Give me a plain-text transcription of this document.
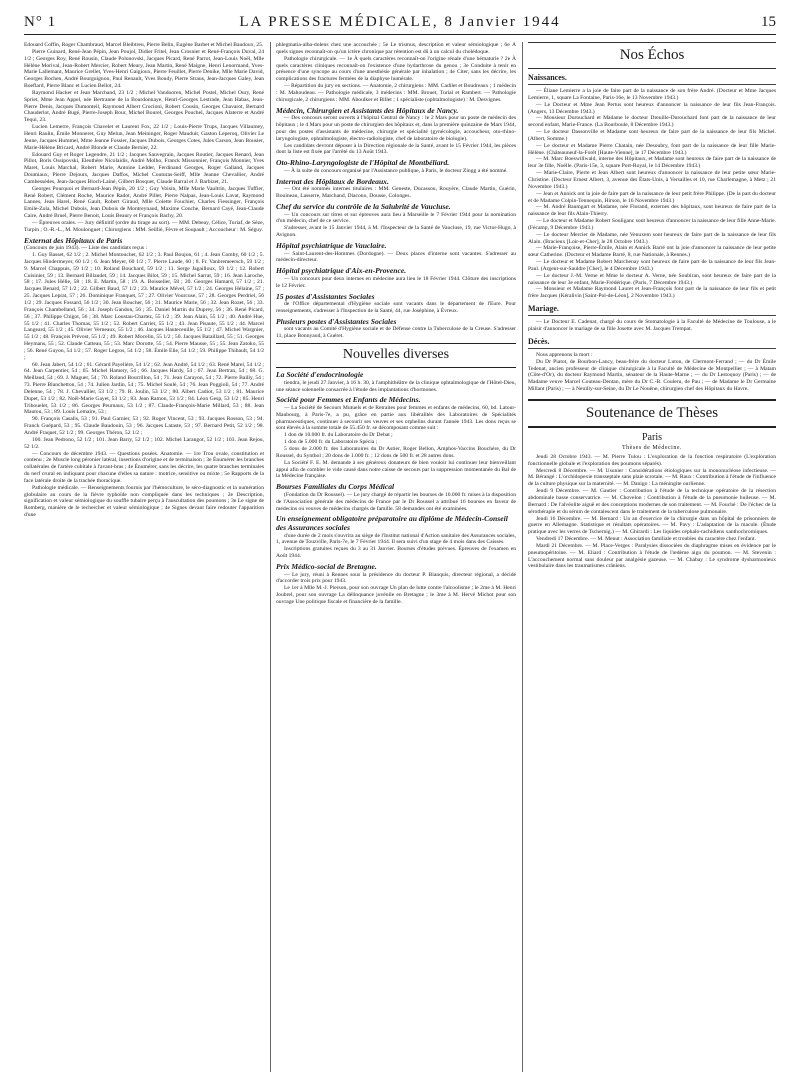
N° 1	LA PRESSE MÉDICALE, 8 Janvier 1944	15

Edouard Coffin, Roger Chambraud, Marcel Bleibtreu, Pierre Belin, Eugène Barbet et Michel Baudoux, 25.

Pierre Guinard, René-Jean Pépin, Jean Poujol, Didier Fritel, Jean Crosnier et René-François Duval, 24 1/2 ; Georges Roy, René Rousin, Claude Polonovski, Jacques Picard, René Parrot, Jean-Louis Noël, Mlle Hélène Morival, Jean-Robert Mercier, Robert Meary, Jean Martin, René Maigne, Henri Lenormand, Yves-Marie Lallemant, Maurice Grellet, Yves-Henri Gaigioux, Pierre Feuillet, Pierre Denike, Mlle Marie David, Georges Bochen, André Bourguignon, Paul Renault, Yves Boudy, Pierre Straus, Jean-Jacques Galey, Jean Boeflard, Pierre Blanc et Lucien Bellot, 24.

Raymond Hacker et Jean Marchand, 23 1/2 ; Michel Vandooren, Michel Postel, Michel Oury, René Spriet, Mme Jean Appel, née Bertranne de la Bourdonnaye, Henri-Georges Lestrade, Jean Habas, Jean-Pierre Denis, Jacques Dumonteil, Raymond Albert Crocioni, Robert Cousin, Georges Chavarot, Bernard Chauderlot, André Bugé, Pierre-Joseph Bour, Michel Bourel, Georges Pouchel, Jacques Alaterre et André Tequi, 23.

Lucien Lemerre, François Chavelet et Laurent Fox, 22 1/2 ; Louis-Pierre Trups, Jacques Villaumey, Henri Raulin, Émile Monneret, Guy Melun, Jean Meininger, Roger Mauduit, Gaston Leperoq, Olivier Le Jeune, Jacques Hummel, Mme Jeanne Fossier, Jacques Dubois, Georges Cotes, Jules Carson, Jean Bousier, Marie-Hélène Bricard, André Blonde et Claude Bernier, 22.

Edouard Guy et Roger Legendre, 21 1/2 ; Jacques Sauvegrain, Jacques Routier, Jacques Renard, Jean Pillot, Boris Ossipovski, Eleuthère Nicolaidis, André Molho, Franck Missonnier, François Monnier, Yves Maret, Louis Marchal, Robert Marie, Antoine Ledder, Ferdinand Georges, Roger Galland, Jacques Doumiaux, Pierre Dejours, Jacques Daffos, Michel Couturas-Seiff, Mlle Jeanne Chevallier, André Cambessèdes, Jean-Jacques Bloch-Lainé, Gilbert Bosquet, Claude Barral et J. Barbizet, 21.

Georges Pourquoi et Bernard-Jean Pépin, 20 1/2 ; Guy Voisin, Mlle Marie Vaultrin, Jacques Tuffier, René Robert, Clément Roche, Maurice Radot, André Pillet, Pierre Nalpas, Jean-Louis Lavat, Raymond Lannes, Jean Harel, René Gault, Robert Giraud, Mlle Colette Fouchier, Charles Fiessinger, François Emile-Zola, Michel Dubois, Jean Dubois de Montreynaud, Maxime Conche, Bernard Cayé, Jean-Claude Caire, André Bruel, Pierre Benoit, Louis Beaury et François Bachy, 20.

— Épreuves orales. — Jury définitif (ordre du tirage au sort). — MM. Debeay, Célice, Turiaf, de Sèze, Turpin ; O.-R.-L., M. Moulonguet ; Chirurgiens : MM. Seillié, Fèvre et Soupault ; Accoucheur : M. Séguy.

Externat des Hôpitaux de Paris

(Concours de juin 1943). — Liste des candidats reçus :

1. Guy Basset, 62 1/2 ; 2. Michel Montouchet, 62 1/2 ; 3. Paul Boujon, 61 ; 4. Jean Comby, 60 1/2 ; 5. Jacques Hindermeyer, 60 1/2 ; 6. Jean Meyer, 60 1/2 ; 7. Pierre Laude, 60 ; 8. Fr. Vanbremeersch, 59 1/2 ; 9. Marcel Chappuis, 59 1/2 ; 10. Roland Bouchard, 59 1/2 ; 11. Serge Jagailloux, 59 1/2 ; 12. Robert Cuisinier, 59 ; 13. Bernard Billaudet, 59 ; 14. Jacques Bilot, 59 ; 15. Michel Sarrat, 59 ; 16. Jean Laroche, 58 ; 17. Jules Hélie, 58 ; 18. E. Martin, 58 ; 19. A. Boisselier, 58 ; 20. Georges Hamard, 57 1/2 ; 21. Jacques Benard, 57 1/2 ; 22. Gilbert Baud, 57 1/2 ; 23. Maurice Mével, 57 1/2 ; 24. Georges Hélaine, 57 ; 25. Jacques Leprat, 57 ; 26. Dominique Franquet, 57 ; 27. Olivier Vourcuse, 57 ; 28. Georges Perdriel, 56 1/2 ; 29. Jacques Fossard, 56 1/2 ; 30. Jean Boucher, 56 ; 31. Maurice Marie, 56 ; 32. Jean Rozet, 56 ; 33. François Chambelland, 56 ; 34. Joseph Gandon, 56 ; 35. Daniel Martin du Duprey, 56 ; 36. René Picard, 56 ; 37. Philippe Chigot, 56 ; 38. Marc Loustau-Chartez, 55 1/2 ; 39. Jean Alain, 55 1/2 ; 40. André Hue, 55 1/2 ; 41. Charles Thomas, 55 1/2 ; 52. Robert Carrier, 55 1/2 ; 43. Jean Pisaute, 55 1/2 ; 44. Marcel Langeard, 55 1/2 ; 45. Olivier Verneaux, 55 1/2 ; 46. Jacques Hauteceuille, 55 1/2 ; 47. Michel Wargnier, 55 1/2 ; 48. François Prévost, 55 1/2 ; 49. Robert Mocelin, 55 1/2 ; 50. Jacques Bataillard, 55 ; 51. Georges Heymans, 55 ; 52. Claude Catteau, 55 ; 53. Marc Dorotte, 55 ; 54. Pierre Mausse, 55 ; 55. Jean Zatoko, 55 ; 56. René Guyon, 54 1/2 ; 57. Roger Legros, 54 1/2 ; 58. Émile Elie, 54 1/2 ; 59. Philippe Thibault, 54 1/2 ;

60. Jean Jabert, 54 1/2 ; 61. Gérard Payelière, 54 1/2 ; 62. Jean André, 54 1/2 ; 63. René Marel, 54 1/2 ; 64. Jean Carpentier, 54 ; 65. Michel Hamery, 54 ; 66. Jacques Hardy, 54 ; 67. Jean Bertran, 54 ; 68. G. Meillaud, 54 ; 69. J. Maguer, 54 ; 70. Roland Bourrillon, 54 ; 71. Jean Carayon, 54 ; 72. Pierre Bailly, 54 ; 73. Pierre Blanchetton, 54 ; 74. Julien Jardin, 54 ; 75. Michel Soulé, 54 ; 76. Jean Poggioli, 54 ; 77. André Delenne, 54 ; 78. J. Chevallier, 53 1/2 ; 79. R. Joulin, 53 1/2 ; 80. Albert Cadiot, 53 1/2 ; 81. Maurice Dupet, 53 1/2 ; 82. Noël-Marie Gayet, 53 1/2 ; 83. Jean Ramon, 53 1/2 ; 84. Léon Gesp, 53 1/2 ; 85. Henri Tribouelet, 53 1/2 ; 86. Georges Peurnaux, 53 1/2 ; 87. Claude-François-Marie Millard, 53 ; 88. Jean Mautou, 53 ; 89. Louis Lemaire, 53 ;

90. François Casalis, 53 ; 91. Paul Garnier, 53 ; 92. Roger Vincent, 53 ; 93. Jacques Rosson, 53 ; 94. Franck Guépard, 53 ; 95. Claude Baudouin, 53 ; 96. Jacques Lataste, 53 ; 97. Bernard Petit, 52 1/2 ; 98. André Fraquet, 52 1/2 ; 99. Georges Théron, 52 1/2 ;

100. Jean Pedrono, 52 1/2 ; 101. Jean Barry, 52 1/2 ; 102. Michel Larangot, 52 1/2 ; 103. Jean Rejou, 52 1/2.

— Concours de décembre 1943. — Questions posées. Anatomie. — 1re Trou ovale, constitution et contenu ; 2e Muscle long péronier latéral, insertions d'origine et de terminaison ; 3e Énumérer les branches collatérales de l'artère cubitale à l'avant-bras ; 4e Énumérer, sans les décrire, les quatre branches terminales du nerf crural en indiquant pour chacune d'elles sa nature : motrice, sensitive ou mixte ; 5e Rapports de la face latérale droite de la trachée thoracique.

Pathologie médicale. — Renseignements fournis par l'hémoculture, le séro-diagnostic et la numération globulaire au cours de la fièvre typhoïde non compliquée dans les techniques ; 2e Description, signification et valeur sémiologique du souffle tubaire perçu à l'auscultation des poumons ; 3e Le signe de Romberg, manière de le rechercher et valeur sémiologique ; 4e Signes devant faire redouter l'apparition d'une

phlegmatia-alba-dolens chez une accouchée ; 5e Le trismus, description et valeur sémiologique ; 6e À quels signes reconnaît-on qu'un ictère chronique par rétention est dû à un calcul du cholédoque.

Pathologie chirurgicale. — 1e À quels caractères reconnaît-on l'origine rénale d'une hématurie ? 2e À quels caractères cliniques reconnaît-on l'existence d'une hydarthrose du genou ; 3e Conduite à tenir en présence d'une syncope au cours d'une anesthésie générale par inhalation ; 4e Citer, sans les décrire, les complications des fractures fermées de la diaphyse humérale.

— Répartition du jury en sections. — Anatomie, 2 chirurgiens : MM. Cadilet et Boudreaux ; 1 médecin : M. Mahoudeau. — Pathologie médicale, 3 médecins : MM. Brouet, Turial et Rambert. — Pathologie chirurgicale, 2 chirurgiens : MM. Aboulker et Billet ; 1 spécialiste (ophtalmologiste) : M. Desvignes.

Médecin, Chirurgien et Assistants des Hôpitaux de Nancy.

— Des concours seront ouverts à l'hôpital Central de Nancy : le 2 Mars pour un poste de médecin des hôpitaux ; le 4 Mars pour un poste de chirurgien des hôpitaux et, dans la première quinzaine de Mars 1944, pour des postes d'assistants de médecine, chirurgie et spécialité (gynécologie, accoucheur, oto-rhino-laryngologiste, ophtalmologiste, électro-radiologiste, chef de laboratoire de biologie).

Les candidats devront déposer à la Direction régionale de la Santé, avant le 15 Février 1944, les pièces dont la liste est fixée par l'arrêté du 13 Août 1943.

Oto-Rhino-Laryngologiste de l'Hôpital de Montbéliard.

— À la suite du concours organisé par l'Assistance publique, à Paris, le docteur Zingg a été nommé.

Internat des Hôpitaux de Bordeaux.

— Ont été nommés internes titulaires : MM. Geneste, Ducassou, Rouyère, Claude Martin, Guérin, Bouineau, Lasserre, Marchand, Diacono, Dousse, Colonges.

Chef du service du contrôle de la Salubrité de Vaucluse.

— Un concours sur titres et sur épreuves aura lieu à Marseille le 7 Février 1944 pour la nomination d'un médecin, chef de ce service.

S'adresser, avant le 15 Janvier 1944, à M. l'Inspecteur de la Santé de Vaucluse, 19, rue Victor-Hugo, à Avignon.

Hôpital psychiatrique de Vauclaire.

— Saint-Laurent-des-Hommes (Dordogne). — Deux places d'interne sont vacantes. S'adresser au médecin-directeur.

Hôpital psychiatrique d'Aix-en-Provence.

— Un concours pour deux internes en médecine aura lieu le 18 Février 1944. Clôture des inscriptions le 12 Février.

15 postes d'Assistantes Sociales

de l'Office départemental d'Hygiène sociale sont vacants dans le département de l'Eure. Pour renseignements, s'adresser à l'Inspection de la Santé, 44, rue Joséphine, à Évreux.

Plusieurs postes d'Assistantes Sociales

sont vacants au Comité d'Hygiène sociale et de Défense contre la Tuberculose de la Creuse. S'adresser 11, place Bonnyaud, à Guéret.

Nouvelles diverses

La Société d'endocrinologie

tiendra, le jeudi 27 Janvier, à 16 h. 30, à l'amphithéâtre de la clinique ophtalmologique de l'Hôtel-Dieu, une séance solennelle consacrée à l'étude des implantations d'hormones.

Société pour Femmes et Enfants de Médecins.

— La Société de Secours Mutuels et de Retraites pour femmes et enfants de médecins, 60, bd. Latour-Maubourg, à Paris-7e, a pu, grâce en partie aux libéralités des Laboratoires de Spécialités pharmaceutiques, continuer à secourir ses veuves et ses orphelins durant l'année 1943. Les dons reçus se sont élevés à la somme totale de 55.450 fr. se décomposant comme suit :

1 don de 10.000 fr. du Laboratoire du Dr Debat ;

1 don de 5.000 fr. du Laboratoire Spécia ;

5 dons de 2.000 fr. des Laboratoires du Dr Astier, Roger Bellon, Amphos-Vaccins Bouchère, du Dr Roussel, du Synthol ; 20 dons de 1.000 fr. ; 12 dons de 500 fr. et 28 autres dons.

La Société F. E. M. demande à ses généreux donateurs de bien vouloir lui continuer leur bienveillant appui afin de combler le vide causé dans notre caisse de secours par la suppression momentanée du Bal de la Médecine française.

Bourses Familiales du Corps Médical

(Fondation du Dr Roussel). — Le jury chargé de répartir les bourses de 10.000 fr. mises à la disposition de l'Association générale des médecins de France par le Dr Roussel a attribué 16 bourses en faveur de médecins ou veuves de médecins chargés de famille. 58 demandes ont été examinées.

Un enseignement obligatoire préparatoire au diplôme de Médecin-Conseil des Assurances sociales

d'une durée de 2 mois s'ouvrira au siège de l'Institut national d'Action sanitaire des Assurances sociales, 1, avenue de Touzville, Paris-7e, le 7 Février 1944. Il sera suivi d'un stage de 4 mois dans des Caisses.

Inscriptions gratuites reçues du 3 au 31 Janvier. Bourses d'études prévues. Épreuves de l'examen en Août 1944.

Prix Médico-social de Bretagne.

— Le jury, réuni à Rennes sous la présidence du docteur P. Bianquis, directeur régional, a décidé d'accorder trois prix pour 1943.

Le 1er à Mlle M.-J. Pierson, pour son ouvrage Un plan de lutte contre l'alcoolisme ; le 2me à M. Henri Joubrel, pour son ouvrage La délinquance juvénile en Bretagne ; le 3me à M. Hervé Michot pour son ouvrage Une politique fiscale et financière de la famille.

Nos Échos

Naissances.

— Éliane Lemierre a la joie de faire part de la naissance de son frère André. (Docteur et Mme Jacques Lemierre, 1, square La Fontaine, Paris-16e, le 13 Novembre 1943.)

— Le Docteur et Mme Jean Pertus sont heureux d'annoncer la naissance de leur fils Jean-François. (Angers, 13 Décembre 1943.)

— Monsieur Durouchard et Madame le docteur Dreuille-Durouchard font part de la naissance de leur second enfant, Marie-France. (La Bourboule, 8 Décembre 1943.)

— Le docteur Dassonville et Madame sont heureux de faire part de la naissance de leur fils Michel. (Albert, Somme.)

— Le docteur et Madame Pierre Chatain, née Desoubry, font part de la naissance de leur fille Marie-Hélène. (Châteauneuf-la-Forêt [Haute-Vienne], le 17 Décembre 1943.)

— M. Marc Boeswillwald, interne des Hôpitaux, et Madame sont heureux de faire part de la naissance de leur 3e fille, Noëlle. (Paris-15e, 3, square Port-Royal, le 14 Décembre 1943.)

— Marie-Claire, Pierre et Jean Albert sont heureux d'annoncer la naissance de leur petite sœur Marie-Christine. (Docteur Ernest Albert, 3, avenue des États-Unis, à Versailles et 10, rue Charlemagne, à Metz ; 21 Novembre 1943.)

— Jean et Annick ont la joie de faire part de la naissance de leur petit frère Philippe. (De la part du docteur et de Madame Colpin-Tennequin, Hirson, le 16 Novembre 1943.)

— M. André Baumgart et Madame, née Florand, externes des hôpitaux, sont heureux de faire part de la naissance de leur fils Alain-Thierry.

— Le docteur et Madame Robert Souliganc sont heureux d'annoncer la naissance de leur fille Anne-Marie. (Fécamp, 9 Décembre 1943.)

— Le docteur Mercier de Madame, née Venuxem sont heureux de faire part de la naissance de leur fils Alain. (Bracieux [Loir-et-Cher], le 28 Octobre 1943.)

— Marie-Françoise, Pierre-Émile, Alain et Annick Barré ont la joie d'annoncer la naissance de leur petite sœur Catherine. (Docteur et Madame Barré, 8, rue Nationale, à Rennes.)

— Le docteur et Madame Robert Marchenay sont heureux de faire part de la naissance de leur fils Jean-Paul. (Argent-sur-Sauldre [Cher], le 4 Décembre 1943.)

— Le docteur J.-M. Verne et Mme le docteur A. Verne, née Soubiran, sont heureux de faire part de la naissance de leur 3e enfant, Marie-Frédérique. (Paris, 7 Décembre 1943.)

— Monsieur et Madame Raymond Lauret et Jean-François font part de la naissance de leur fils et petit frère Jacques (Kéralivin [Saint-Pol-de-Léon], 2 Novembre 1943.)

Mariage.

— Le Docteur E. Cadenat, chargé du cours de Stomatologie à la Faculté de Médecine de Toulouse, a le plaisir d'annoncer le mariage de sa fille Josette avec M. Jacques Trempat.

Décès.

Nous apprenons la mort :

Du Dr Piatot, de Bourbon-Lancy, beau-frère du docteur Luton, de Clermont-Ferrand ; — du Dr Émile Tedenat, ancien professeur de clinique chirurgicale à la Faculté de Médecine de Montpellier ; — à Matam (Côte-d'Or), du docteur Raymond Martin, sénateur de la Haute-Marne ; — du Dr Lestoquoy (Paris) ; — de Madame veuve Marcel Couteau-Dentan, mère du Dr C.-B. Couleru, de Pau ; — de Madame le Dr Germaine Millant (Paris) ; — à Neuilly-sur-Seine, du Dr Le Nouëne, chirurgien chef des Hôpitaux du Havre.

Soutenance de Thèses

Paris

Thèses de Médecine.

Jeudi 28 Octobre 1943. — M. Pierre Tulou : L'exploration de la fonction respiratoire (L'exploration fonctionnelle globale et l'exploration des poumons séparés).

Mercredi 8 Décembre. — M. Usunier : Considérations étiologiques sur la mononucléose infectieuse. — M. Bérangé : L'orchidopexie transseptale sans plaie scrotale. — M. Raux : Contribution à l'étude de l'influence de la culture physique sur la maternité. — M. Danigo : La méningite ourlienne.

Jeudi 9 Décembre. — M. Gautier : Contribution à l'étude de la technique opératoire de la résection abdominale basse conservatrice. — M. Chovelon : Contribution à l'étude de la pneumonie huileuse. — M. Bernard : De l'alvéolite aiguë et des conceptions modernes de son traitement. — M. Fouché : De l'échec de la sérothérapie et du sérum de contalescent dans le traitement de la tuberculose pulmonaire.

Jeudi 16 Décembre. — M. Bernard : Un an d'exercice de la chirurgie dans un hôpital de prisonniers de guerre en Allemagne. Statistique et résultats opératoires. — M. Pavy : L'adaptation de la macule. (Étude pratique avec les verres de Tschernig.) — M. Ghirardi : Les liquides céphalo-rachidiens xanthochromiques.

Vendredi 17 Décembre. — M. Menut : Association familiale et troubles du caractère chez l'enfant.

Mardi 21 Décembre. — M. Place-Verges : Paralysies dissociées du diaphragme mises en évidence par le pneumopéritoine. — M. Eliard : Contribution à l'étude de l'œdème aigu du poumon. — M. Stevenin : L'accouchement normal sans douleur par analgésie gazeuse. — M. Chabay : Le syndrome dysharmonieux vestibulaire dans les traumatismes crâniens.
